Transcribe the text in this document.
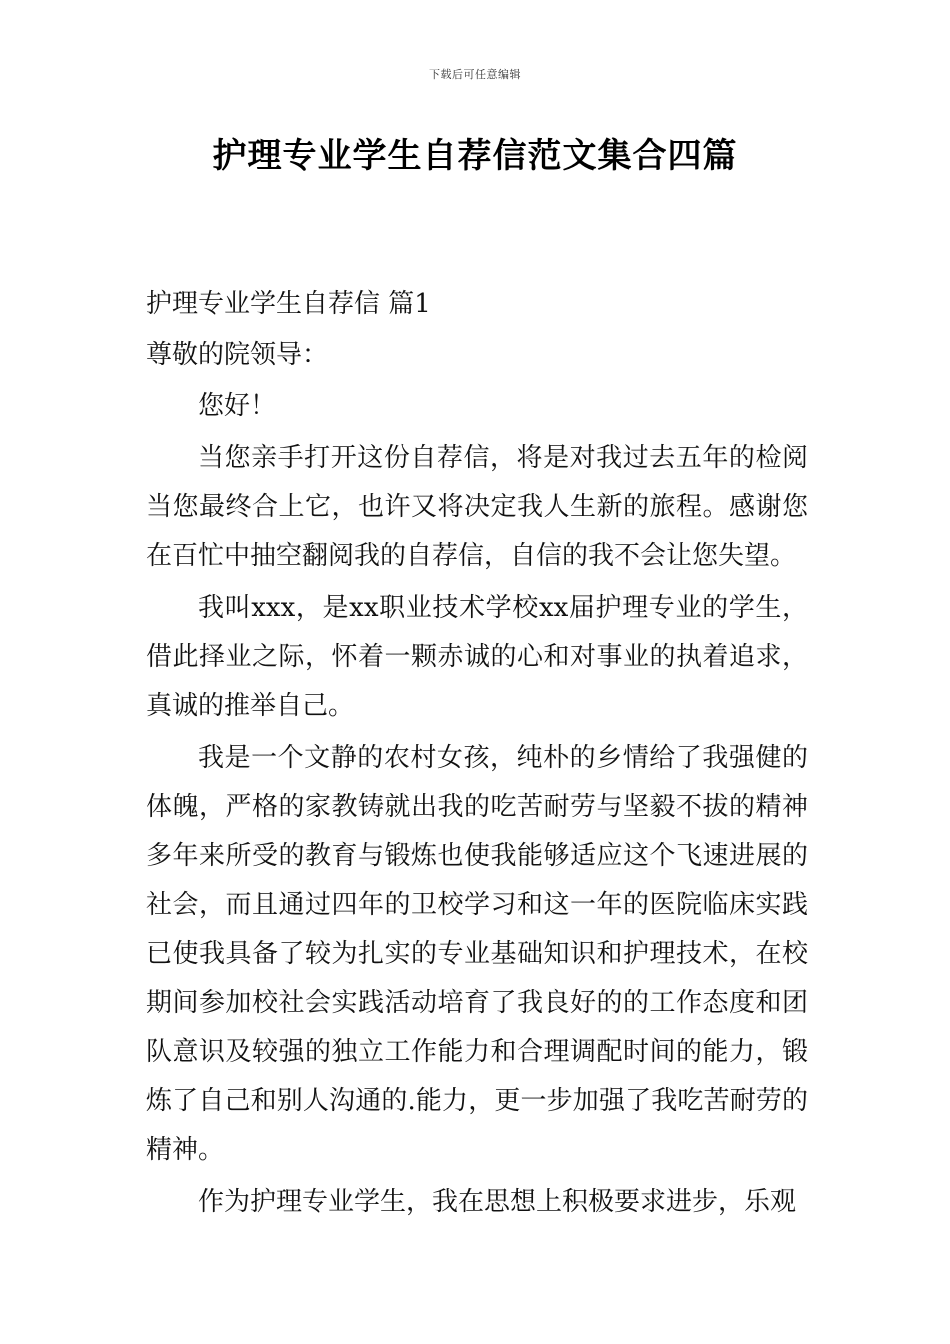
下载后可任意编辑
护理专业学生自荐信范文集合四篇

护理专业学生自荐信 篇1

尊敬的院领导：

您好！

当您亲手打开这份自荐信，将是对我过去五年的检阅当您最终合上它，也许又将决定我人生新的旅程。感谢您在百忙中抽空翻阅我的自荐信，自信的我不会让您失望。

我叫xxx，是xx职业技术学校xx届护理专业的学生，借此择业之际，怀着一颗赤诚的心和对事业的执着追求，真诚的推举自己。

我是一个文静的农村女孩，纯朴的乡情给了我强健的体魄，严格的家教铸就出我的吃苦耐劳与坚毅不拔的精神多年来所受的教育与锻炼也使我能够适应这个飞速进展的社会，而且通过四年的卫校学习和这一年的医院临床实践已使我具备了较为扎实的专业基础知识和护理技术，在校期间参加校社会实践活动培育了我良好的的工作态度和团队意识及较强的独立工作能力和合理调配时间的能力，锻炼了自己和别人沟通的.能力，更一步加强了我吃苦耐劳的精神。

作为护理专业学生，我在思想上积极要求进步，乐观
